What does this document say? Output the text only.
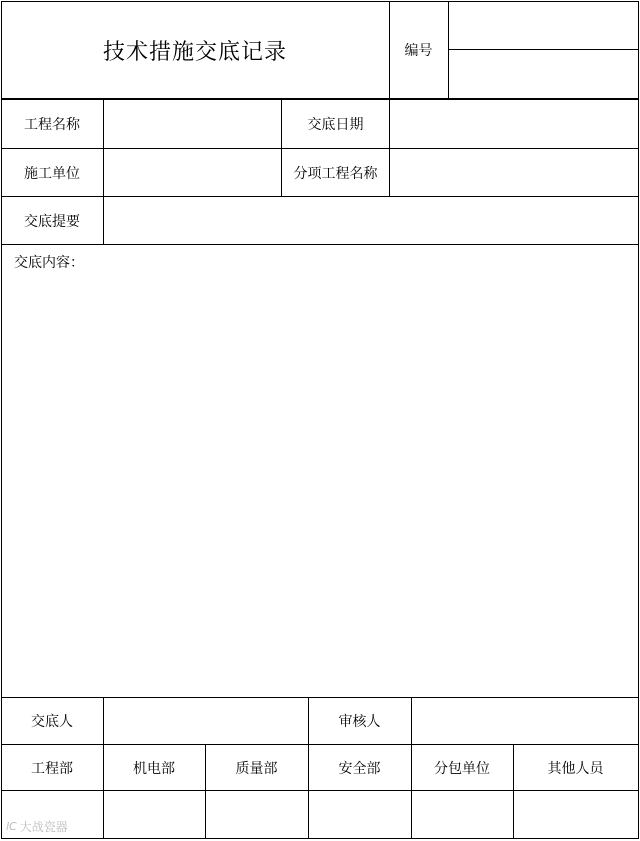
技术措施交底记录	编号
工程名称	交底日期
施工单位	分项工程名称
交底提要
交底内容：
交底人	审核人
工程部	机电部	质量部	安全部	分包单位	其他人员
lC 大战瓷器
